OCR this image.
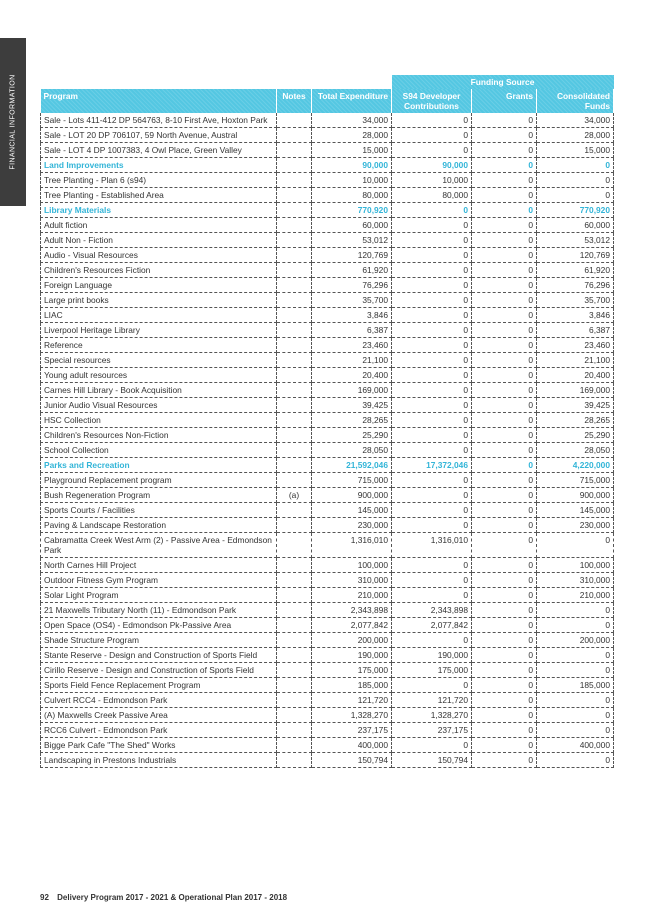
FINANCIAL INFORMATION
			Funding Source		
Program	Notes	Total Expenditure	S94 Developer Contributions	Grants	Consolidated Funds
Sale - Lots 411-412 DP 564763, 8-10 First Ave, Hoxton Park		34,000	0	0	34,000
Sale - LOT 20 DP 706107, 59 North Avenue, Austral		28,000	0	0	28,000
Sale - LOT 4 DP 1007383, 4 Owl Place, Green Valley		15,000	0	0	15,000
Land Improvements		90,000	90,000	0	0
Tree Planting - Plan 6 (s94)		10,000	10,000	0	0
Tree Planting - Established Area		80,000	80,000	0	0
Library Materials		770,920	0	0	770,920
Adult fiction		60,000	0	0	60,000
Adult Non - Fiction		53,012	0	0	53,012
Audio - Visual Resources		120,769	0	0	120,769
Children's Resources Fiction		61,920	0	0	61,920
Foreign Language		76,296	0	0	76,296
Large print books		35,700	0	0	35,700
LIAC		3,846	0	0	3,846
Liverpool Heritage Library		6,387	0	0	6,387
Reference		23,460	0	0	23,460
Special resources		21,100	0	0	21,100
Young adult resources		20,400	0	0	20,400
Carnes Hill Library - Book Acquisition		169,000	0	0	169,000
Junior Audio Visual Resources		39,425	0	0	39,425
HSC Collection		28,265	0	0	28,265
Children's Resources Non-Fiction		25,290	0	0	25,290
School Collection		28,050	0	0	28,050
Parks and Recreation		21,592,046	17,372,046	0	4,220,000
Playground Replacement program		715,000	0	0	715,000
Bush Regeneration Program	(a)	900,000	0	0	900,000
Sports Courts / Facilities		145,000	0	0	145,000
Paving & Landscape Restoration		230,000	0	0	230,000
Cabramatta Creek West Arm (2) - Passive Area - Edmondson Park		1,316,010	1,316,010	0	0
North Carnes Hill Project		100,000	0	0	100,000
Outdoor Fitness Gym Program		310,000	0	0	310,000
Solar Light Program		210,000	0	0	210,000
21 Maxwells Tributary North (11) - Edmondson Park		2,343,898	2,343,898	0	0
Open Space (OS4) - Edmondson Pk-Passive Area		2,077,842	2,077,842	0	0
Shade Structure Program		200,000	0	0	200,000
Stante Reserve - Design and Construction of Sports Field		190,000	190,000	0	0
Cirillo Reserve - Design and Construction of Sports Field		175,000	175,000	0	0
Sports Field Fence Replacement Program		185,000	0	0	185,000
Culvert RCC4 - Edmondson Park		121,720	121,720	0	0
(A) Maxwells Creek Passive Area		1,328,270	1,328,270	0	0
RCC6 Culvert - Edmondson Park		237,175	237,175	0	0
Bigge Park Cafe "The Shed" Works		400,000	0	0	400,000
Landscaping in Prestons Industrials		150,794	150,794	0	0
92 Delivery Program 2017 - 2021 & Operational Plan 2017 - 2018
